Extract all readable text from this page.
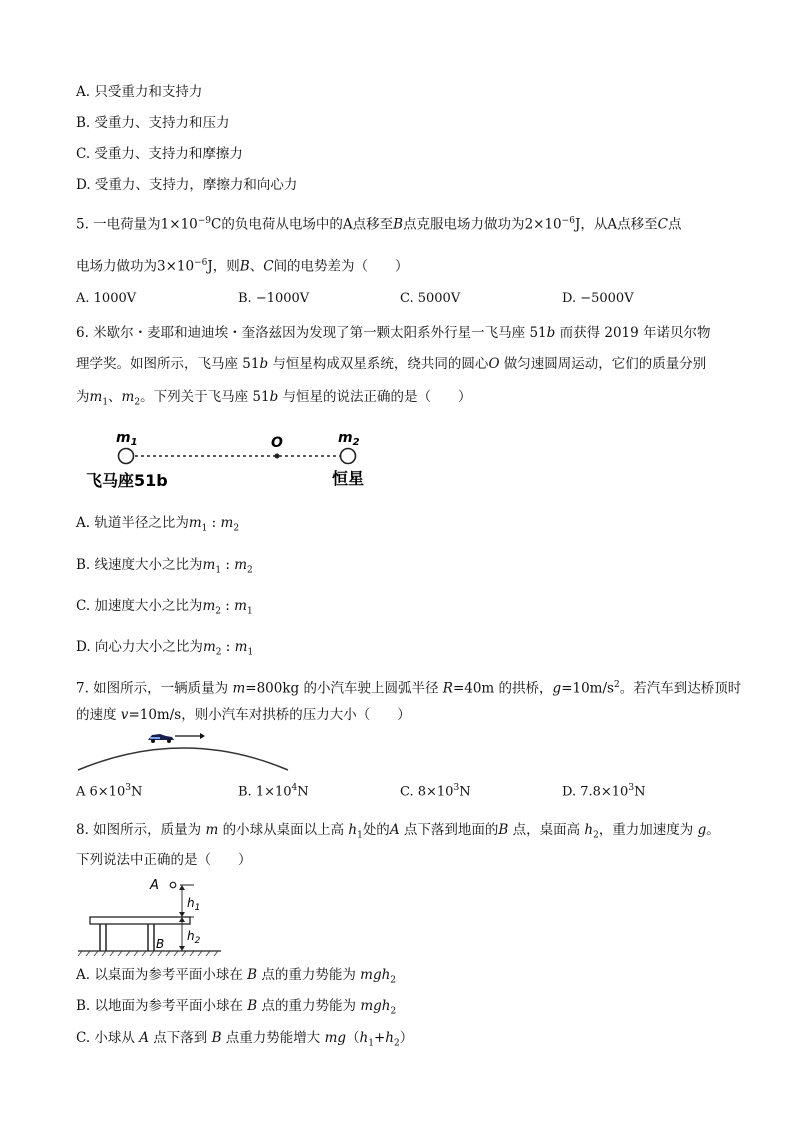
A. 只受重力和支持力
B. 受重力、支持力和压力
C. 受重力、支持力和摩擦力
D. 受重力、支持力，摩擦力和向心力
5. 一电荷量为$1\times 10^{-9}C$的负电荷从电场中的A点移至B点克服电场力做功为$2\times 10^{-6}J$，从A点移至C点
电场力做功为$3\times 10^{-6}J$，则B、C间的电势差为（　　）
A. 1000V	B. −1000V	C. 5000V	D. −5000V
6. 米歇尔・麦耶和迪迪埃・奎洛兹因为发现了第一颗太阳系外行星一飞马座 51b 而获得 2019 年诺贝尔物
理学奖。如图所示，飞马座 51b 与恒星构成双星系统，绕共同的圆心O 做匀速圆周运动，它们的质量分别
为$m_1$、$m_2$。下列关于飞马座 51b 与恒星的说法正确的是（　　）
$m_1$	$m_2$
O
飞马座51b	恒星
A. 轨道半径之比为$m_1$ : $m_2$
B. 线速度大小之比为$m_1$ : $m_2$
C. 加速度大小之比为$m_2$ : $m_1$
D. 向心力大小之比为$m_2$ : $m_1$
7. 如图所示，一辆质量为 m=800kg 的小汽车驶上圆弧半径 R=40m 的拱桥，$g=10m/s^2$。若汽车到达桥顶时
的速度 v=10m/s，则小汽车对拱桥的压力大小（　　）
A $6\times 10^3N$	B. $1\times 10^4N$	C. $8\times 10^3N$	D. $7.8\times 10^3N$
8. 如图所示，质量为 m 的小球从桌面以上高 $h_1$处的A 点下落到地面的B 点，桌面高 $h_2$，重力加速度为 g。
下列说法中正确的是（　　）
A
B
$h_1$
$h_2$
A. 以桌面为参考平面小球在 B 点的重力势能为 mgh$_2$
B. 以地面为参考平面小球在 B 点的重力势能为 mgh$_2$
C. 小球从 A 点下落到 B 点重力势能增大 $mg(h_1+h_2)$
